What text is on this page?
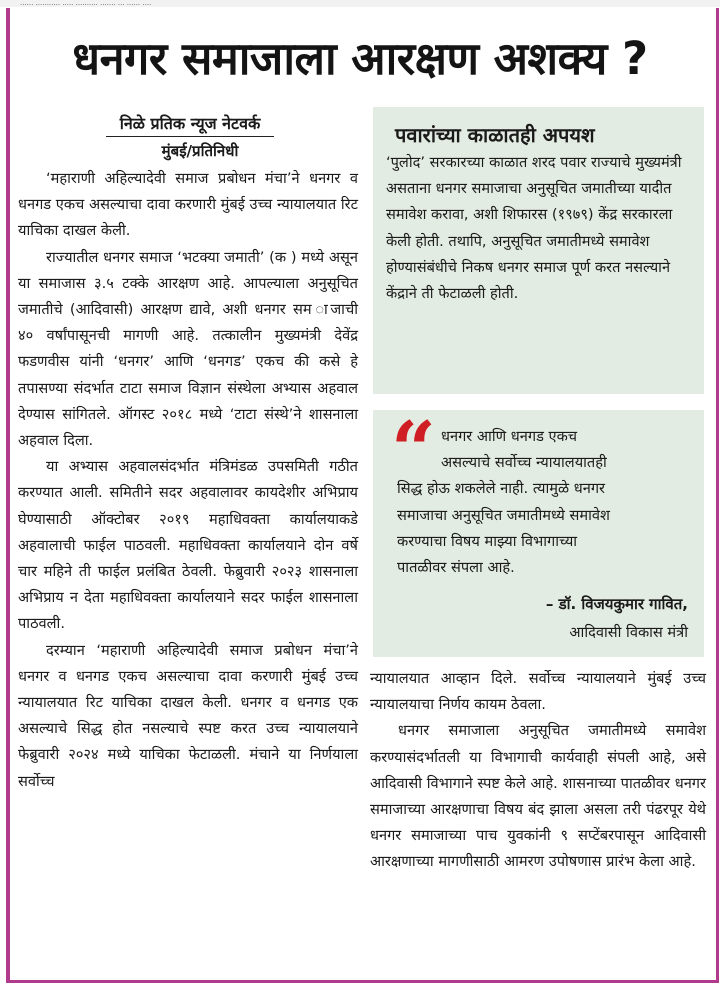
...... ........... ..... .......... ....... ... ...... ....
धनगर समाजाला आरक्षण अशक्य ?
निळे प्रतिक न्यूज नेटवर्क
मुंबई/प्रतिनिधी

‘महाराणी अहिल्यादेवी समाज प्रबोधन मंचा’ने धनगर व धनगड एकच असल्याचा दावा करणारी मुंबई उच्च न्यायालयात रिट याचिका दाखल केली.

राज्यातील धनगर समाज ‘भटक्या जमाती’ (क ) मध्ये असून या समाजास ३.५ टक्के आरक्षण आहे. आपल्याला अनुसूचित जमातीचे (आदिवासी) आरक्षण द्यावे, अशी धनगर सम ाजाची ४० वर्षांपासूनची मागणी आहे. तत्कालीन मुख्यमंत्री देवेंद्र फडणवीस यांनी ‘धनगर’ आणि ‘धनगड’ एकच की कसे हे तपासण्या संदर्भात टाटा समाज विज्ञान संस्थेला अभ्यास अहवाल देण्यास सांगितले. ऑगस्ट २०१८ मध्ये ‘टाटा संस्थे’ने शासनाला अहवाल दिला.

या अभ्यास अहवालसंदर्भात मंत्रिमंडळ उपसमिती गठीत करण्यात आली. समितीने सदर अहवालावर कायदेशीर अभिप्राय घेण्यासाठी ऑक्टोबर २०१९ महाधिवक्ता कार्यालयाकडे अहवालाची फाईल पाठवली. महाधिवक्ता कार्यालयाने दोन वर्षे चार महिने ती फाईल प्रलंबित ठेवली. फेब्रुवारी २०२३ शासनाला अभिप्राय न देता महाधिवक्ता कार्यालयाने सदर फाईल शासनाला पाठवली.

दरम्यान ‘महाराणी अहिल्यादेवी समाज प्रबोधन मंचा’ने धनगर व धनगड एकच असल्याचा दावा करणारी मुंबई उच्च न्यायालयात रिट याचिका दाखल केली. धनगर व धनगड एक असल्याचे सिद्ध होत नसल्याचे स्पष्ट करत उच्च न्यायालयाने फेब्रुवारी २०२४ मध्ये याचिका फेटाळली. मंचाने या निर्णयाला सर्वोच्च

पवारांच्या काळातही अपयश
‘पुलोद’ सरकारच्या काळात शरद पवार राज्याचे मुख्यमंत्री असताना धनगर समाजाचा अनुसूचित जमातीच्या यादीत समावेश करावा, अशी शिफारस (१९७९) केंद्र सरकारला केली होती. तथापि, अनुसूचित जमातीमध्ये समावेश होण्यासंबंधीचे निकष धनगर समाज पूर्ण करत नसल्याने केंद्राने ती फेटाळली होती.
“ धनगर आणि धनगड एकच
असल्याचे सर्वोच्च न्यायालयातही
सिद्ध होऊ शकलेले नाही. त्यामुळे धनगर
समाजाचा अनुसूचित जमातीमध्ये समावेश
करण्याचा विषय माझ्या विभागाच्या
पातळीवर संपला आहे.
– डॉ. विजयकुमार गावित,
आदिवासी विकास मंत्री

न्यायालयात आव्हान दिले. सर्वोच्च न्यायालयाने मुंबई उच्च न्यायालयाचा निर्णय कायम ठेवला.

धनगर समाजाला अनुसूचित जमातीमध्ये समावेश करण्यासंदर्भातली या विभागाची कार्यवाही संपली आहे, असे आदिवासी विभागाने स्पष्ट केले आहे. शासनाच्या पातळीवर धनगर समाजाच्या आरक्षणाचा विषय बंद झाला असला तरी पंढरपूर येथे धनगर समाजाच्या पाच युवकांनी ९ सप्टेंबरपासून आदिवासी आरक्षणाच्या मागणीसाठी आमरण उपोषणास प्रारंभ केला आहे.
